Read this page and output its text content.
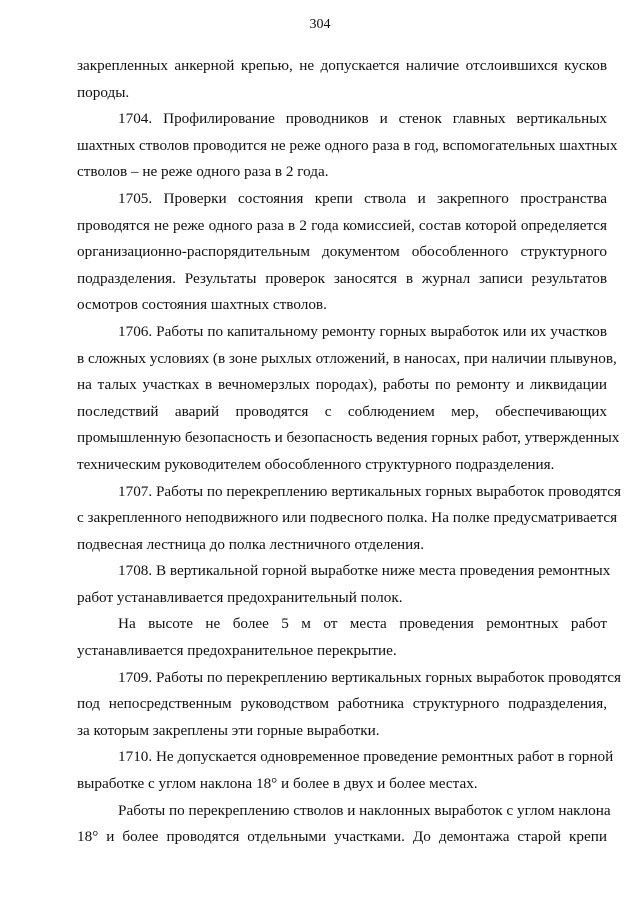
304
закрепленных анкерной крепью, не допускается наличие отслоившихся кусков
породы.
1704. Профилирование проводников и стенок главных вертикальных
шахтных стволов проводится не реже одного раза в год, вспомогательных шахтных
стволов – не реже одного раза в 2 года.
1705. Проверки состояния крепи ствола и закрепного пространства
проводятся не реже одного раза в 2 года комиссией, состав которой определяется
организационно-распорядительным документом обособленного структурного
подразделения. Результаты проверок заносятся в журнал записи результатов
осмотров состояния шахтных стволов.
1706. Работы по капитальному ремонту горных выработок или их участков
в сложных условиях (в зоне рыхлых отложений, в наносах, при наличии плывунов,
на талых участках в вечномерзлых породах), работы по ремонту и ликвидации
последствий аварий проводятся с соблюдением мер, обеспечивающих
промышленную безопасность и безопасность ведения горных работ, утвержденных
техническим руководителем обособленного структурного подразделения.
1707. Работы по перекреплению вертикальных горных выработок проводятся
с закрепленного неподвижного или подвесного полка. На полке предусматривается
подвесная лестница до полка лестничного отделения.
1708. В вертикальной горной выработке ниже места проведения ремонтных
работ устанавливается предохранительный полок.
На высоте не более 5 м от места проведения ремонтных работ
устанавливается предохранительное перекрытие.
1709. Работы по перекреплению вертикальных горных выработок проводятся
под непосредственным руководством работника структурного подразделения,
за которым закреплены эти горные выработки.
1710. Не допускается одновременное проведение ремонтных работ в горной
выработке с углом наклона 18° и более в двух и более местах.
Работы по перекреплению стволов и наклонных выработок с углом наклона
18° и более проводятся отдельными участками. До демонтажа старой крепи
